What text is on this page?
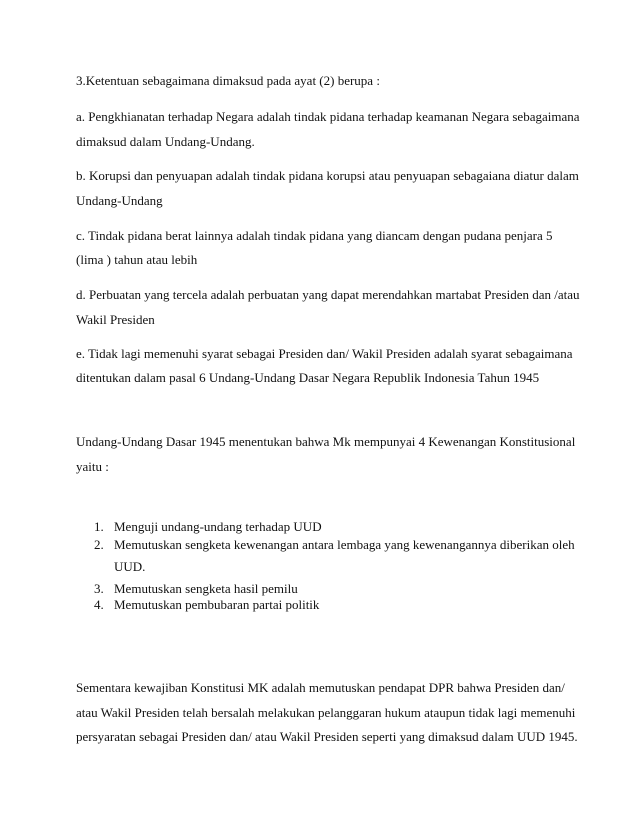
3.Ketentuan sebagaimana dimaksud pada ayat (2) berupa :
a. Pengkhianatan terhadap Negara adalah tindak pidana terhadap keamanan Negara sebagaimana
dimaksud dalam Undang-Undang.
b. Korupsi dan penyuapan adalah tindak pidana korupsi atau penyuapan sebagaiana diatur dalam
Undang-Undang
c. Tindak pidana berat lainnya adalah tindak pidana yang diancam dengan pudana penjara 5
(lima ) tahun atau lebih
d. Perbuatan yang tercela adalah perbuatan yang dapat merendahkan martabat Presiden dan /atau
Wakil Presiden
e. Tidak lagi memenuhi syarat sebagai Presiden dan/ Wakil Presiden adalah syarat sebagaimana
ditentukan dalam pasal 6 Undang-Undang Dasar Negara Republik Indonesia Tahun 1945
Undang-Undang Dasar 1945 menentukan bahwa Mk mempunyai 4 Kewenangan Konstitusional
yaitu :
1. Menguji undang-undang terhadap UUD
2. Memutuskan sengketa kewenangan antara lembaga yang kewenangannya diberikan oleh
3. Memutuskan sengketa hasil pemilu
4. Memutuskan pembubaran partai politik
UUD.
Sementara kewajiban Konstitusi MK adalah memutuskan pendapat DPR bahwa Presiden dan/
atau Wakil Presiden telah bersalah melakukan pelanggaran hukum ataupun tidak lagi memenuhi
persyaratan sebagai Presiden dan/ atau Wakil Presiden seperti yang dimaksud dalam UUD 1945.
